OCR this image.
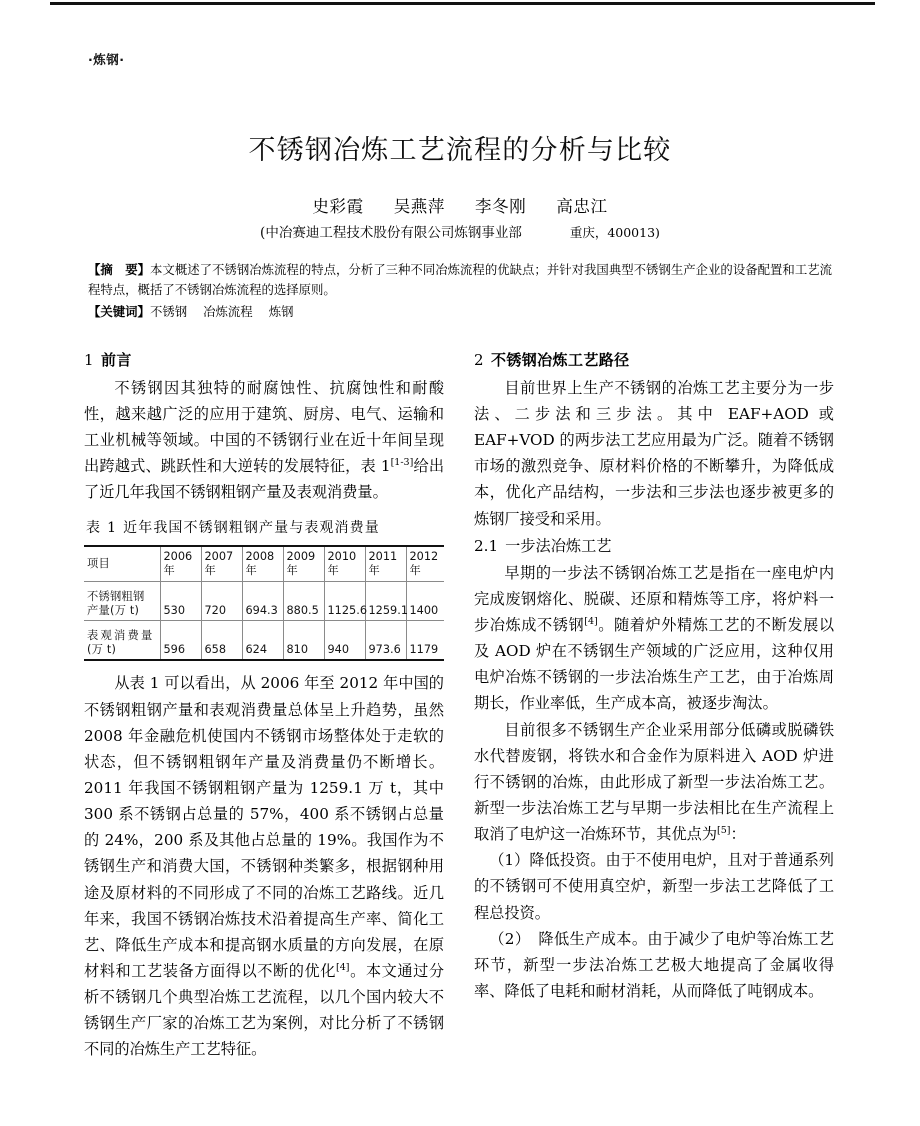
·炼钢·
不锈钢冶炼工艺流程的分析与比较
史彩霞 吴燕萍 李冬刚 高忠江
(中冶赛迪工程技术股份有限公司炼钢事业部	重庆，400013)

【摘　要】本文概述了不锈钢冶炼流程的特点，分析了三种不同冶炼流程的优缺点；并针对我国典型不锈钢生产企业的设备配置和工艺流程特点，概括了不锈钢冶炼流程的选择原则。

【关键词】不锈钢 冶炼流程 炼钢

1 前言

不锈钢因其独特的耐腐蚀性、抗腐蚀性和耐酸性，越来越广泛的应用于建筑、厨房、电气、运输和工业机械等领域。中国的不锈钢行业在近十年间呈现出跨越式、跳跃性和大逆转的发展特征，表 1[1-3]给出了近几年我国不锈钢粗钢产量及表观消费量。

表 1 近年我国不锈钢粗钢产量与表观消费量
项目	2006 年	2007 年	2008 年	2009 年	2010 年	2011 年	2012 年

不锈钢粗钢
产量(万 t)	530	720	694.3	880.5	1125.6	1259.1	1400

表观消费量
(万 t)	596	658	624	810	940	973.6	1179

从表 1 可以看出，从 2006 年至 2012 年中国的不锈钢粗钢产量和表观消费量总体呈上升趋势，虽然 2008 年金融危机使国内不锈钢市场整体处于走软的状态，但不锈钢粗钢年产量及消费量仍不断增长。2011 年我国不锈钢粗钢产量为 1259.1 万 t，其中 300 系不锈钢占总量的 57%，400 系不锈钢占总量的 24%，200 系及其他占总量的 19%。我国作为不锈钢生产和消费大国，不锈钢种类繁多，根据钢种用途及原材料的不同形成了不同的冶炼工艺路线。近几年来，我国不锈钢冶炼技术沿着提高生产率、简化工艺、降低生产成本和提高钢水质量的方向发展，在原材料和工艺装备方面得以不断的优化[4]。本文通过分析不锈钢几个典型冶炼工艺流程，以几个国内较大不锈钢生产厂家的冶炼工艺为案例，对比分析了不锈钢不同的冶炼生产工艺特征。

2 不锈钢冶炼工艺路径

目前世界上生产不锈钢的冶炼工艺主要分为一步法、二步法和三步法。其中 EAF+AOD 或 EAF+VOD 的两步法工艺应用最为广泛。随着不锈钢市场的激烈竞争、原材料价格的不断攀升，为降低成本，优化产品结构，一步法和三步法也逐步被更多的炼钢厂接受和采用。

2.1 一步法冶炼工艺

早期的一步法不锈钢冶炼工艺是指在一座电炉内完成废钢熔化、脱碳、还原和精炼等工序，将炉料一步冶炼成不锈钢[4]。随着炉外精炼工艺的不断发展以及 AOD 炉在不锈钢生产领域的广泛应用，这种仅用电炉冶炼不锈钢的一步法冶炼生产工艺，由于冶炼周期长，作业率低，生产成本高，被逐步淘汰。

目前很多不锈钢生产企业采用部分低磷或脱磷铁水代替废钢，将铁水和合金作为原料进入 AOD 炉进行不锈钢的冶炼，由此形成了新型一步法冶炼工艺。新型一步法冶炼工艺与早期一步法相比在生产流程上取消了电炉这一冶炼环节，其优点为[5]：

（1）降低投资。由于不使用电炉，且对于普通系列的不锈钢可不使用真空炉，新型一步法工艺降低了工程总投资。

（2）　降低生产成本。由于减少了电炉等冶炼工艺环节，新型一步法冶炼工艺极大地提高了金属收得率、降低了电耗和耐材消耗，从而降低了吨钢成本。
